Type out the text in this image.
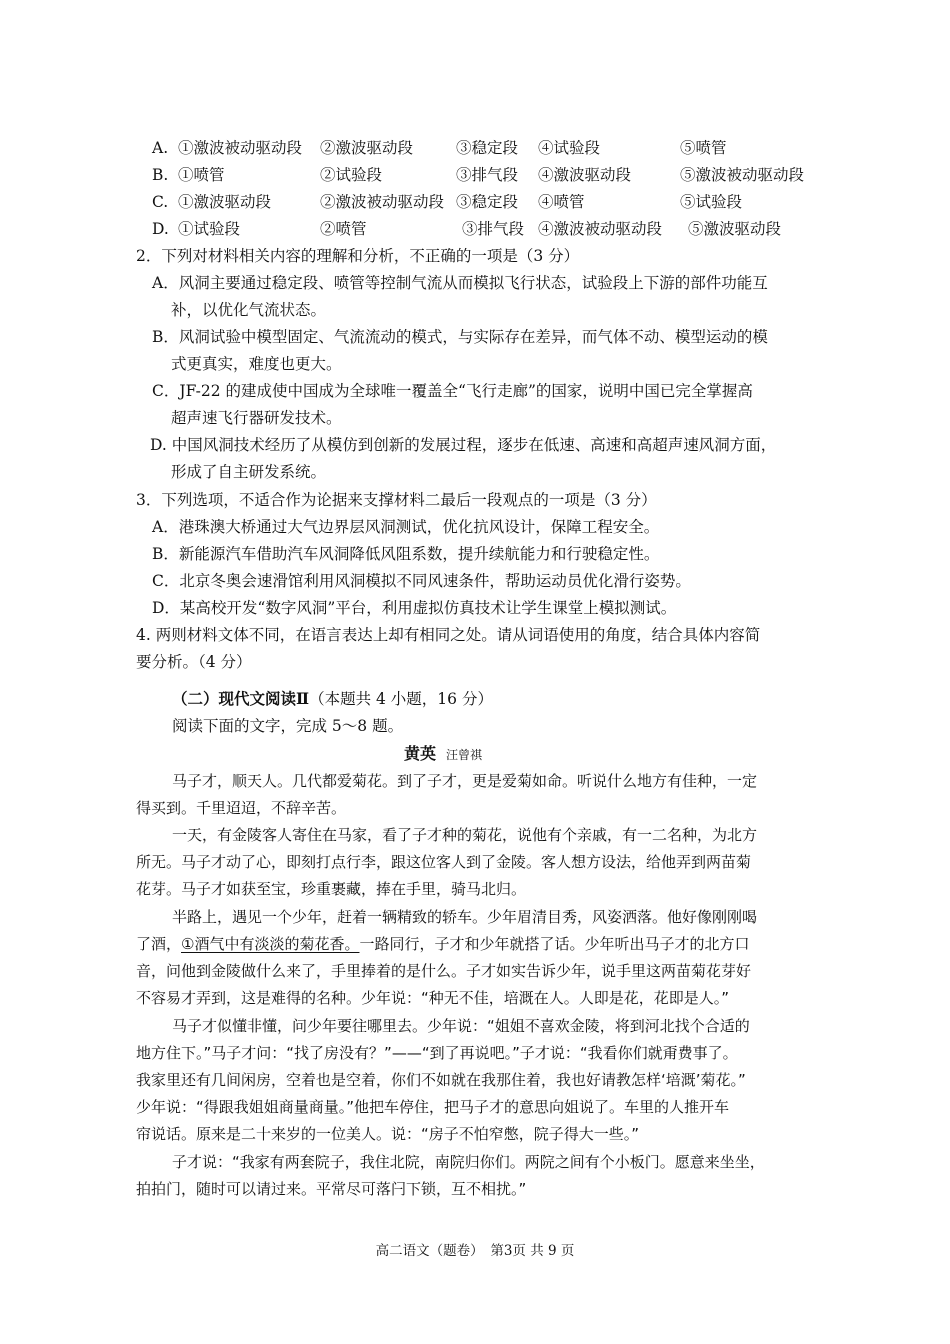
A. ①激波被动驱动段 ②激波驱动段	③稳定段 ④试验段	⑤喷管
B. ①喷管	②试验段	③排气段 ④激波驱动段	⑤激波被动驱动段
C. ①激波驱动段	②激波被动驱动段 ③稳定段 ④喷管	⑤试验段
D. ①试验段	②喷管	③排气段 ④激波被动驱动段 ⑤激波驱动段
2．下列对材料相关内容的理解和分析，不正确的一项是（3 分）
A．风洞主要通过稳定段、喷管等控制气流从而模拟飞行状态，试验段上下游的部件功能互
补，以优化气流状态。
B．风洞试验中模型固定、气流流动的模式，与实际存在差异，而气体不动、模型运动的模
式更真实，难度也更大。
C．JF-22 的建成使中国成为全球唯一覆盖全“飞行走廊”的国家，说明中国已完全掌握高
超声速飞行器研发技术。
D. 中国风洞技术经历了从模仿到创新的发展过程，逐步在低速、高速和高超声速风洞方面，
形成了自主研发系统。
3．下列选项，不适合作为论据来支撑材料二最后一段观点的一项是（3 分）
A．港珠澳大桥通过大气边界层风洞测试，优化抗风设计，保障工程安全。
B．新能源汽车借助汽车风洞降低风阻系数，提升续航能力和行驶稳定性。
C．北京冬奥会速滑馆利用风洞模拟不同风速条件，帮助运动员优化滑行姿势。
D．某高校开发“数字风洞”平台，利用虚拟仿真技术让学生课堂上模拟测试。
4. 两则材料文体不同，在语言表达上却有相同之处。请从词语使用的角度，结合具体内容简
要分析。（4 分）
（二）现代文阅读Ⅱ（本题共 4 小题，16 分）
阅读下面的文字，完成 5～8 题。
黄英 汪曾祺
马子才，顺天人。几代都爱菊花。到了子才，更是爱菊如命。听说什么地方有佳种，一定
得买到。千里迢迢，不辞辛苦。
一天，有金陵客人寄住在马家，看了子才种的菊花，说他有个亲戚，有一二名种，为北方
所无。马子才动了心，即刻打点行李，跟这位客人到了金陵。客人想方设法，给他弄到两苗菊
花芽。马子才如获至宝，珍重裹藏，捧在手里，骑马北归。
半路上，遇见一个少年，赶着一辆精致的轿车。少年眉清目秀，风姿洒落。他好像刚刚喝
了酒，①酒气中有淡淡的菊花香。一路同行，子才和少年就搭了话。少年听出马子才的北方口
音，问他到金陵做什么来了，手里捧着的是什么。子才如实告诉少年，说手里这两苗菊花芽好
不容易才弄到，这是难得的名种。少年说：“种无不佳，培溉在人。人即是花，花即是人。”
马子才似懂非懂，问少年要往哪里去。少年说：“姐姐不喜欢金陵，将到河北找个合适的
地方住下。”马子才问：“找了房没有？”——“到了再说吧。”子才说：“我看你们就甭费事了。
我家里还有几间闲房，空着也是空着，你们不如就在我那住着，我也好请教怎样‘培溉’菊花。”
少年说：“得跟我姐姐商量商量。”他把车停住，把马子才的意思向姐说了。车里的人推开车
帘说话。原来是二十来岁的一位美人。说：“房子不怕窄憋，院子得大一些。”
子才说：“我家有两套院子，我住北院，南院归你们。两院之间有个小板门。愿意来坐坐，
拍拍门，随时可以请过来。平常尽可落闩下锁，互不相扰。”
高二语文（题卷）　第3页 共 9 页
